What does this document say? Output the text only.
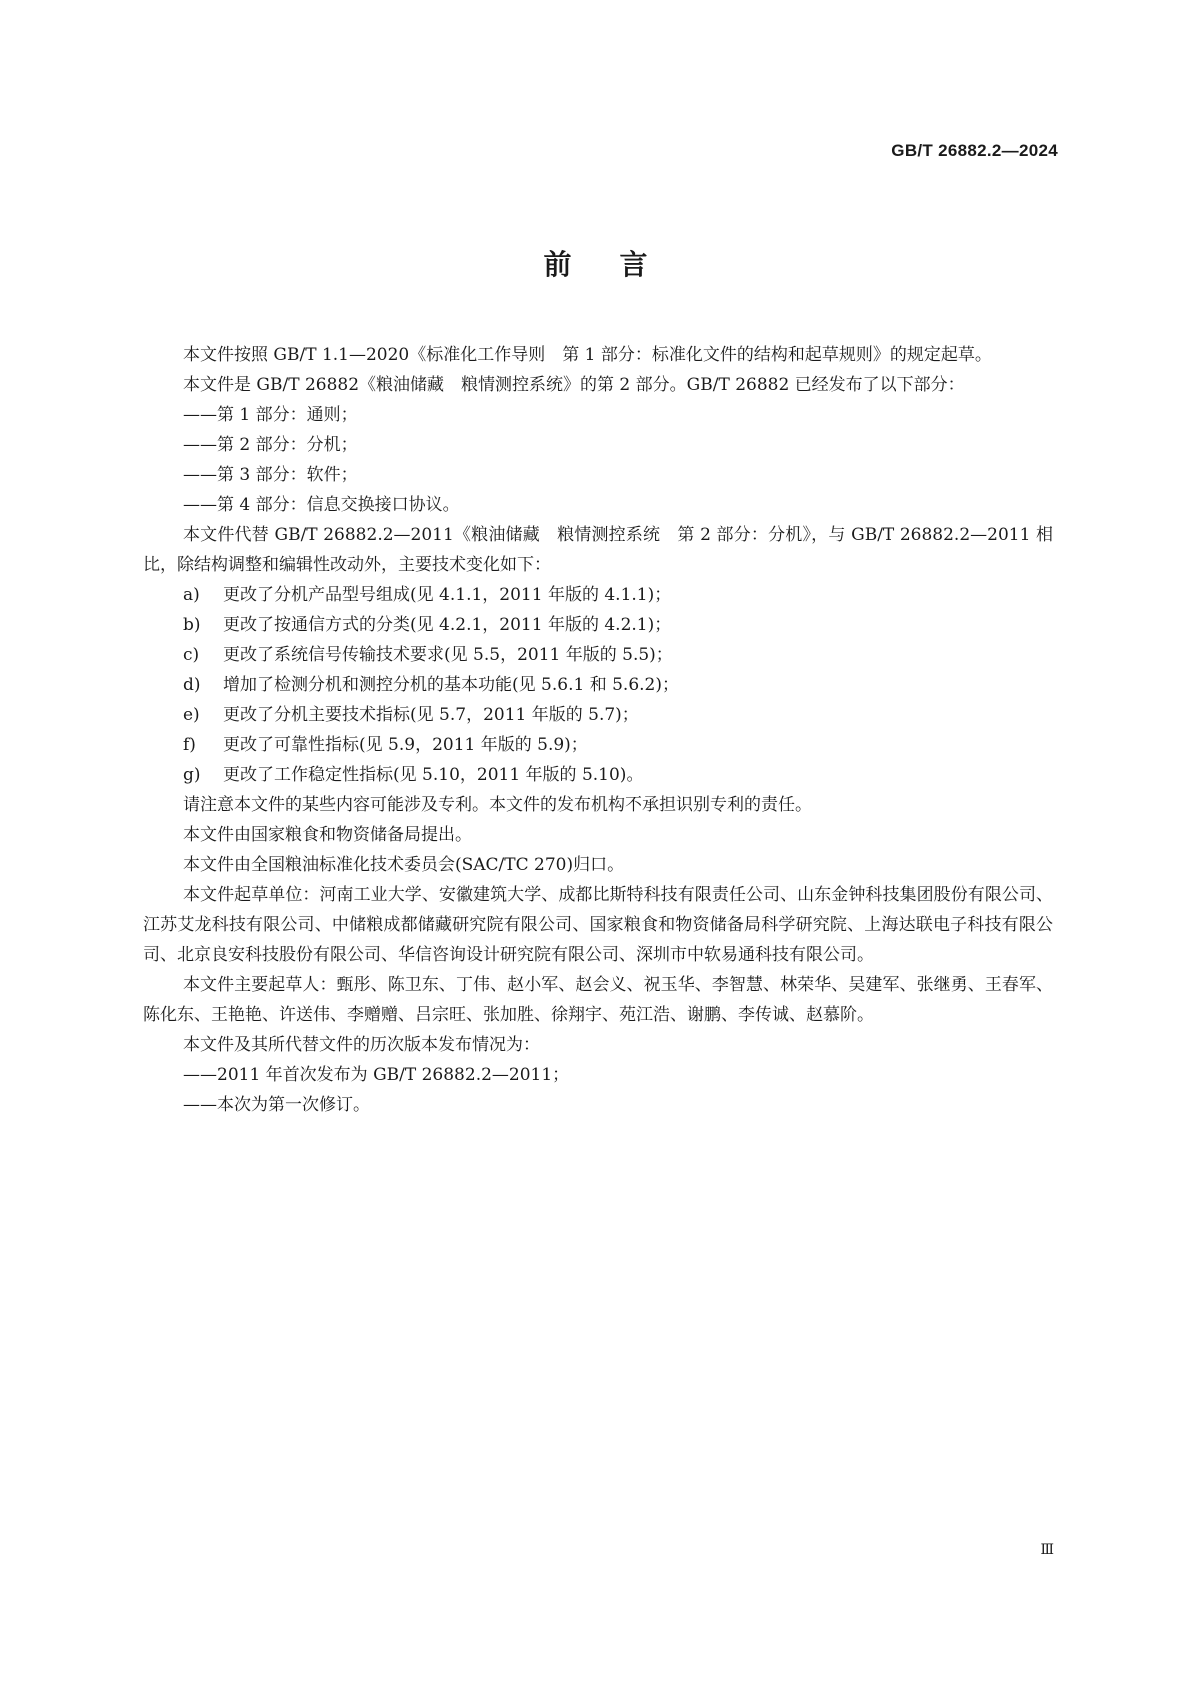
GB/T 26882.2—2024
前言

本文件按照 GB/T 1.1—2020《标准化工作导则　第 1 部分：标准化文件的结构和起草规则》的规定起草。

本文件是 GB/T 26882《粮油储藏　粮情测控系统》的第 2 部分。GB/T 26882 已经发布了以下部分：

——第 1 部分：通则；

——第 2 部分：分机；

——第 3 部分：软件；

——第 4 部分：信息交换接口协议。

本文件代替 GB/T 26882.2—2011《粮油储藏　粮情测控系统　第 2 部分：分机》，与 GB/T 26882.2—2011 相比，除结构调整和编辑性改动外，主要技术变化如下：

a) 更改了分机产品型号组成(见 4.1.1，2011 年版的 4.1.1)；

b) 更改了按通信方式的分类(见 4.2.1，2011 年版的 4.2.1)；

c) 更改了系统信号传输技术要求(见 5.5，2011 年版的 5.5)；

d) 增加了检测分机和测控分机的基本功能(见 5.6.1 和 5.6.2)；

e) 更改了分机主要技术指标(见 5.7，2011 年版的 5.7)；

f) 更改了可靠性指标(见 5.9，2011 年版的 5.9)；

g) 更改了工作稳定性指标(见 5.10，2011 年版的 5.10)。

请注意本文件的某些内容可能涉及专利。本文件的发布机构不承担识别专利的责任。

本文件由国家粮食和物资储备局提出。

本文件由全国粮油标准化技术委员会(SAC/TC 270)归口。

本文件起草单位：河南工业大学、安徽建筑大学、成都比斯特科技有限责任公司、山东金钟科技集团股份有限公司、江苏艾龙科技有限公司、中储粮成都储藏研究院有限公司、国家粮食和物资储备局科学研究院、上海达联电子科技有限公司、北京良安科技股份有限公司、华信咨询设计研究院有限公司、深圳市中软易通科技有限公司。

本文件主要起草人：甄彤、陈卫东、丁伟、赵小军、赵会义、祝玉华、李智慧、林荣华、吴建军、张继勇、王春军、陈化东、王艳艳、许送伟、李赠赠、吕宗旺、张加胜、徐翔宇、苑江浩、谢鹏、李传诚、赵慕阶。

本文件及其所代替文件的历次版本发布情况为：

——2011 年首次发布为 GB/T 26882.2—2011；

——本次为第一次修订。

Ⅲ
